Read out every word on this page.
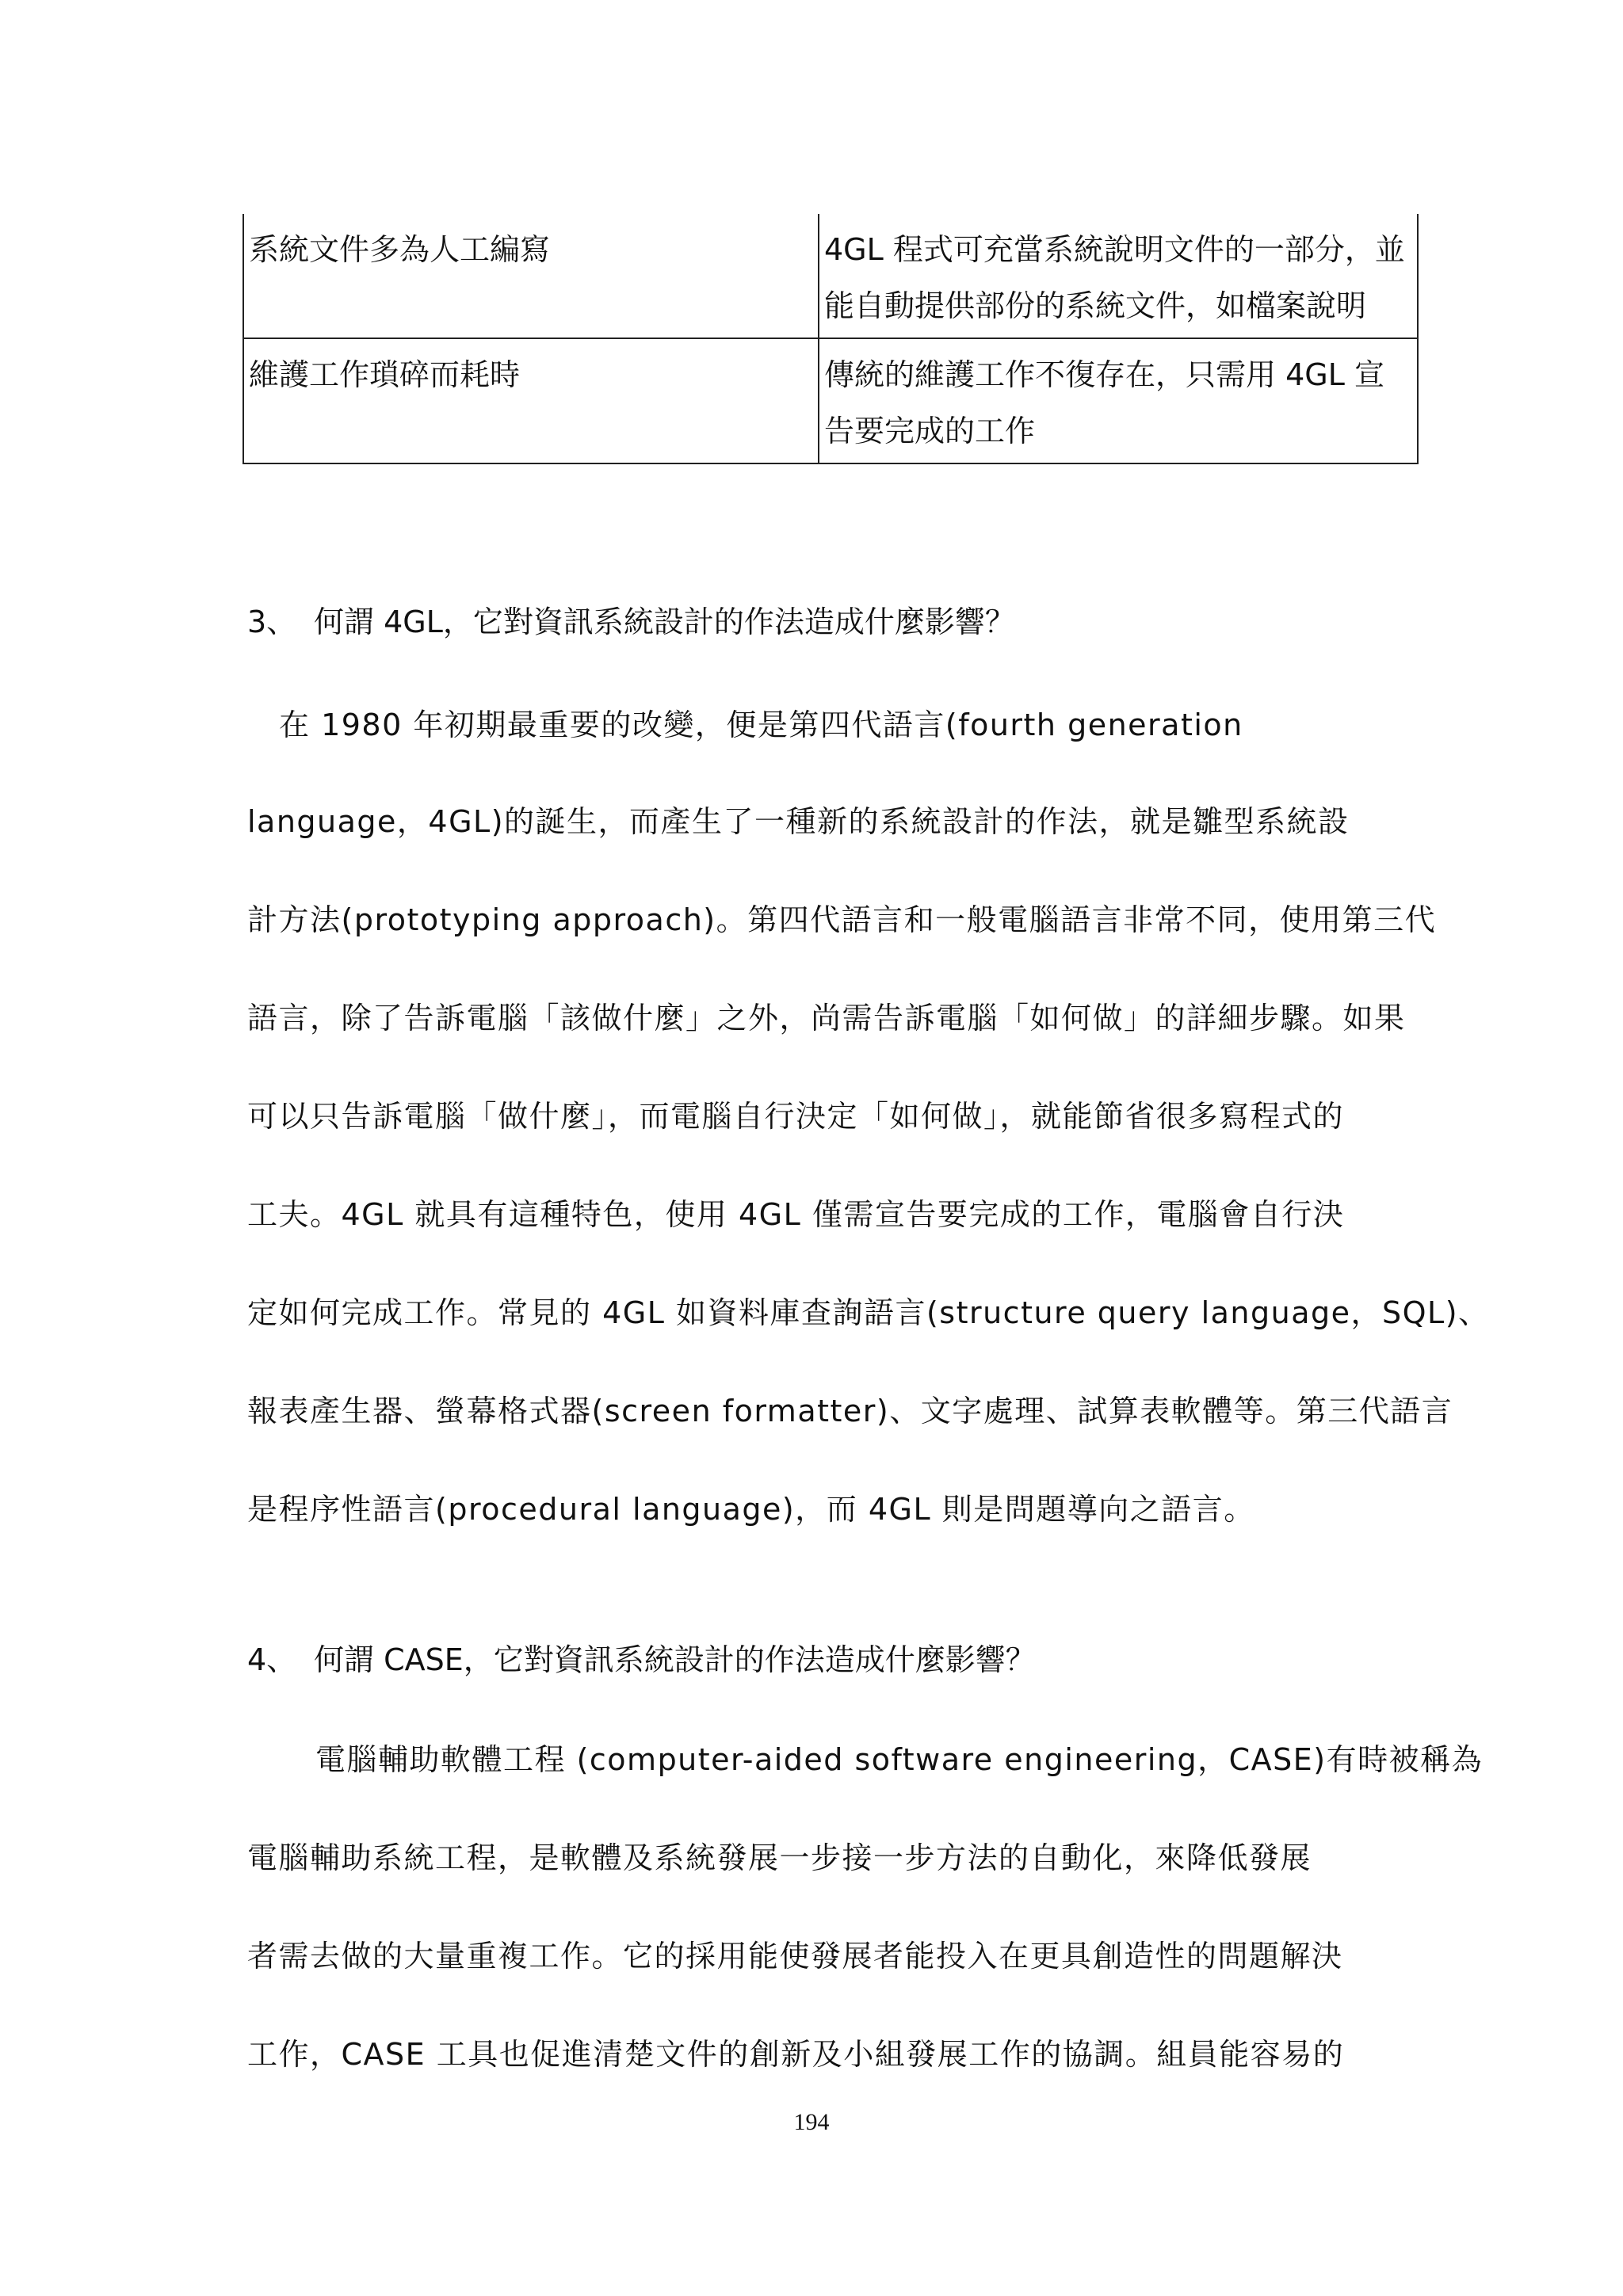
系統文件多為人工編寫	4GL 程式可充當系統說明文件的一部分，並能自動提供部份的系統文件，如檔案說明
維護工作瑣碎而耗時	傳統的維護工作不復存在，只需用 4GL 宣告要完成的工作
3、 何謂 4GL，它對資訊系統設計的作法造成什麼影響？
在 1980 年初期最重要的改變，便是第四代語言(fourth generation
language，4GL)的誕生，而產生了一種新的系統設計的作法，就是雛型系統設
計方法(prototyping approach)。第四代語言和一般電腦語言非常不同，使用第三代
語言，除了告訴電腦「該做什麼」之外，尚需告訴電腦「如何做」的詳細步驟。如果
可以只告訴電腦「做什麼」，而電腦自行決定「如何做」，就能節省很多寫程式的
工夫。4GL 就具有這種特色，使用 4GL 僅需宣告要完成的工作，電腦會自行決
定如何完成工作。常見的 4GL 如資料庫查詢語言(structure query language，SQL)、
報表產生器、螢幕格式器(screen formatter)、文字處理、試算表軟體等。第三代語言
是程序性語言(procedural language)，而 4GL 則是問題導向之語言。
4、 何謂 CASE，它對資訊系統設計的作法造成什麼影響？
電腦輔助軟體工程 (computer-aided software engineering，CASE)有時被稱為
電腦輔助系統工程，是軟體及系統發展一步接一步方法的自動化，來降低發展
者需去做的大量重複工作。它的採用能使發展者能投入在更具創造性的問題解決
工作，CASE 工具也促進清楚文件的創新及小組發展工作的協調。組員能容易的
194
